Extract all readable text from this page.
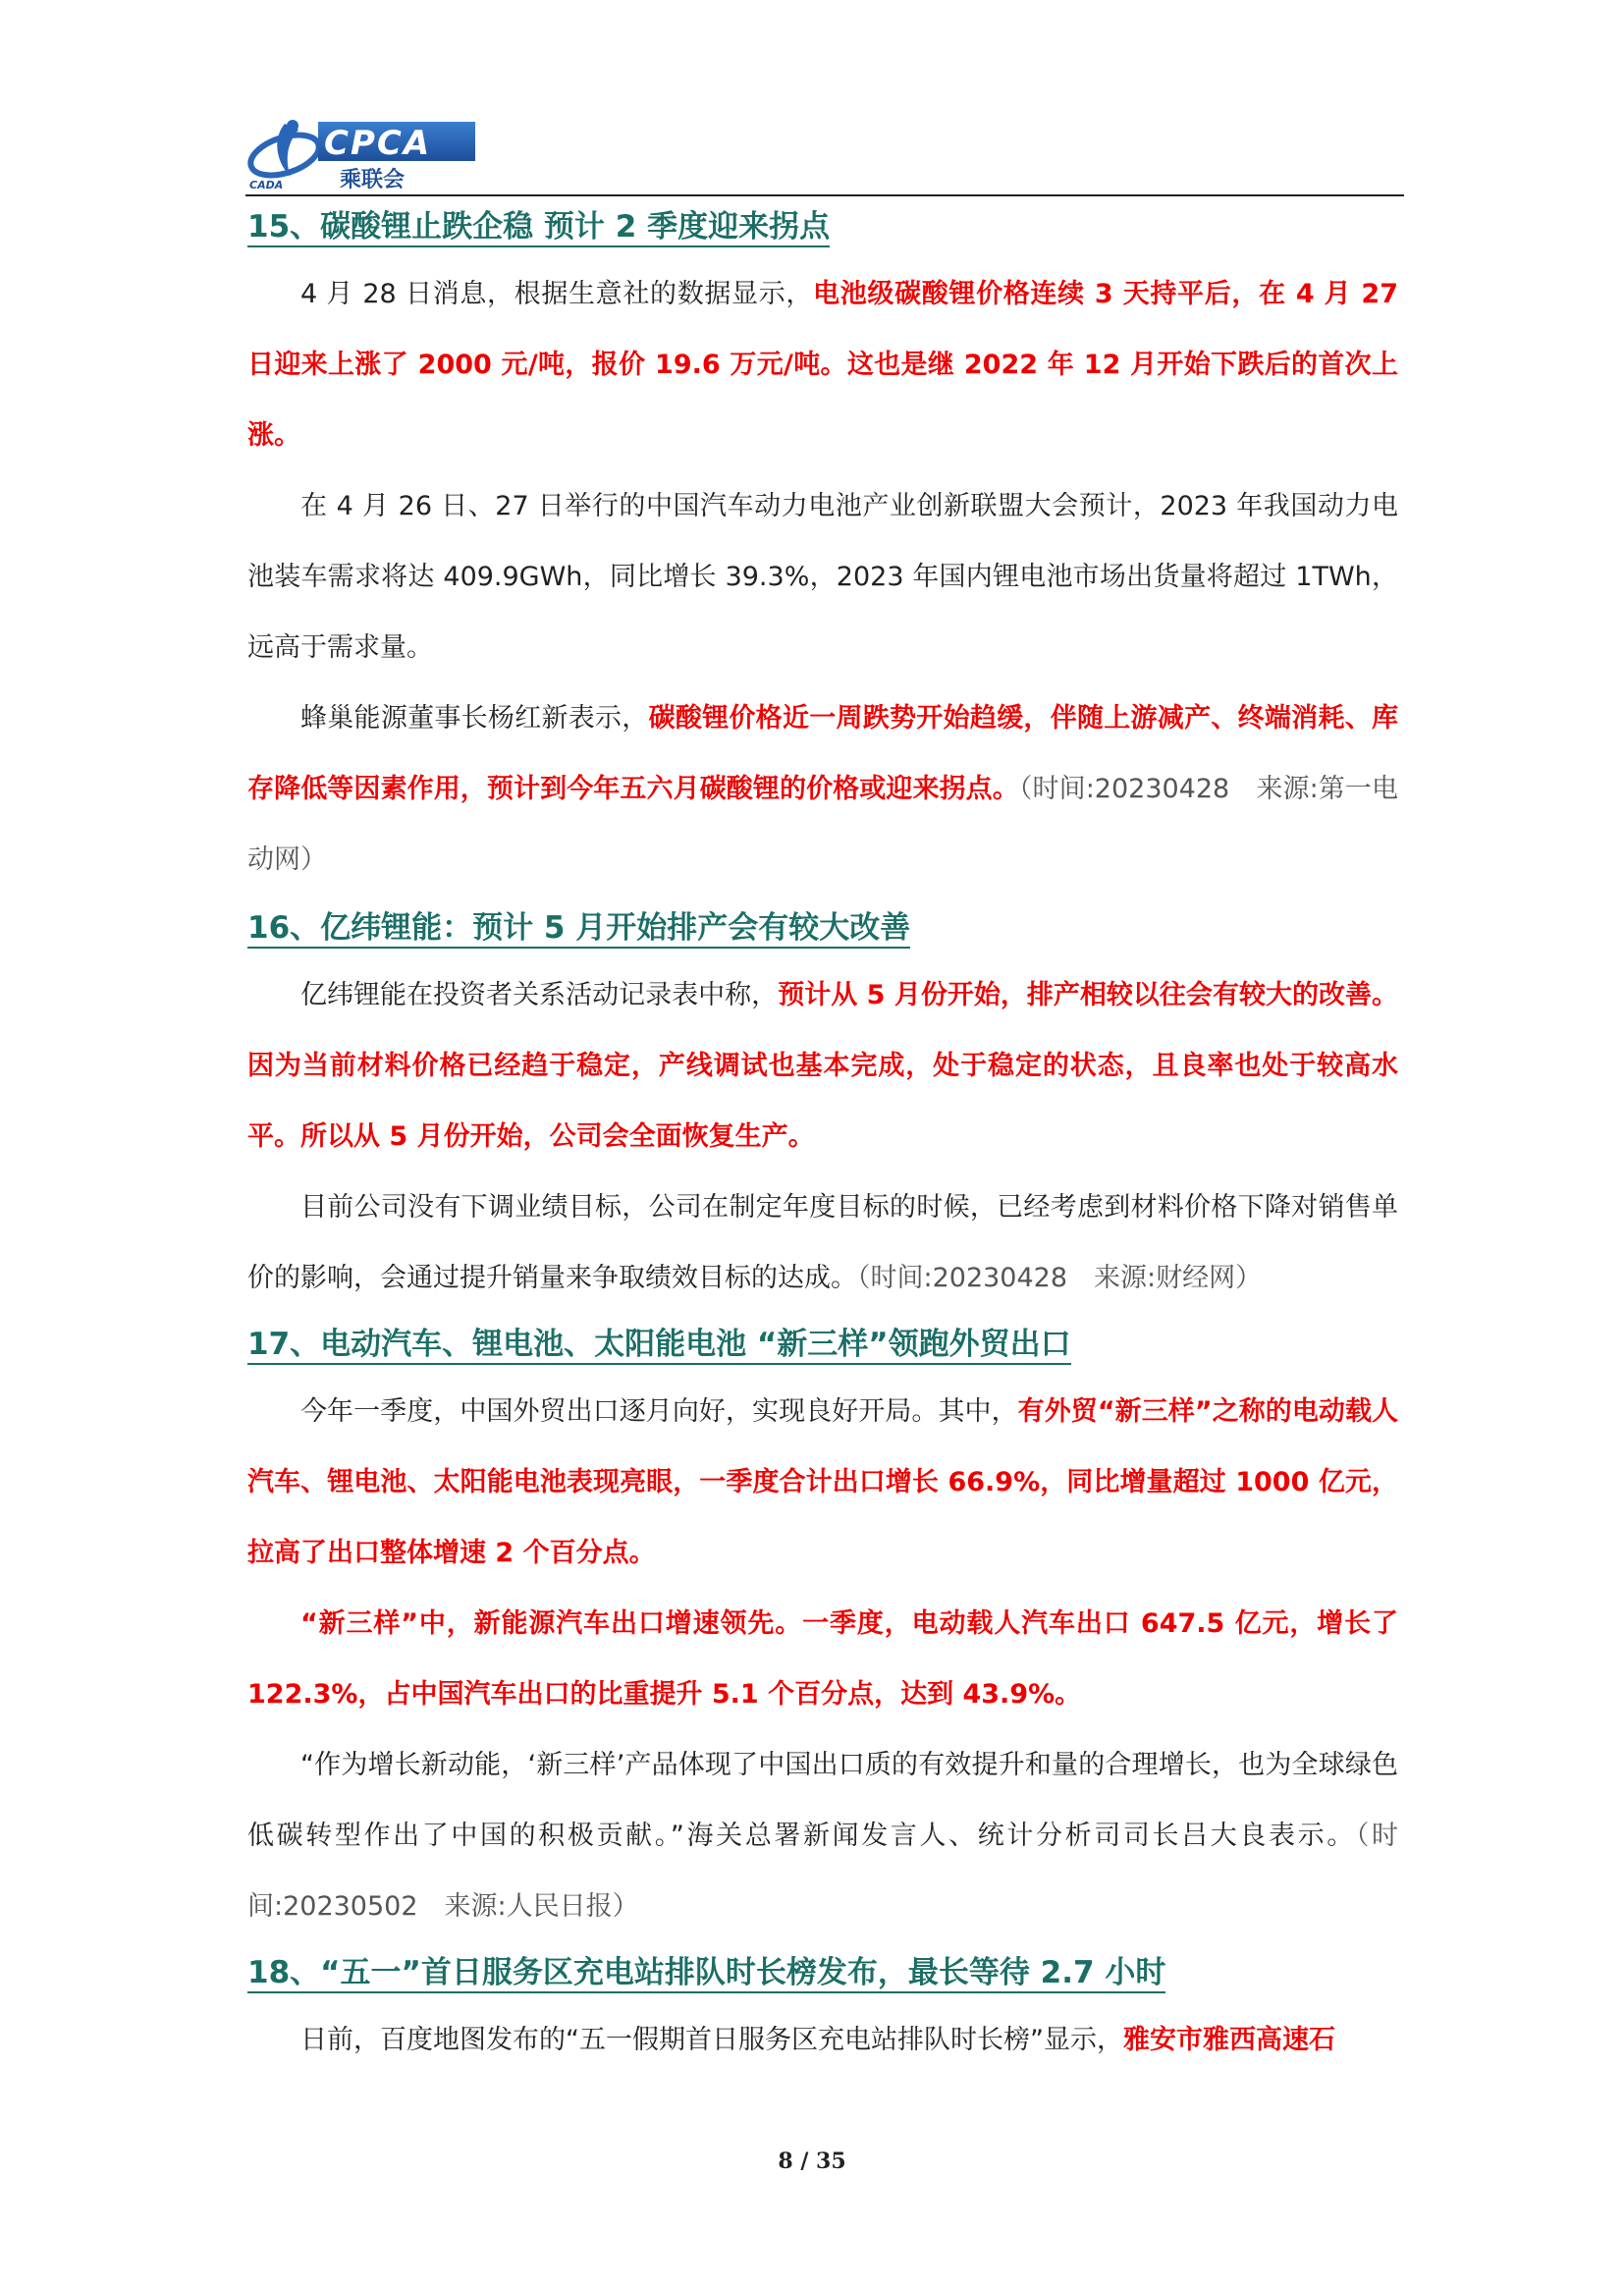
CPCA
CADA	乘联会
15、碳酸锂止跌企稳 预计 2 季度迎来拐点

4 月 28 日消息，根据生意社的数据显示，电池级碳酸锂价格连续 3 天持平后，在 4 月 27 日迎来上涨了 2000 元/吨，报价 19.6 万元/吨。这也是继 2022 年 12 月开始下跌后的首次上涨。

在 4 月 26 日、27 日举行的中国汽车动力电池产业创新联盟大会预计，2023 年我国动力电池装车需求将达 409.9GWh，同比增长 39.3%，2023 年国内锂电池市场出货量将超过 1TWh，远高于需求量。

蜂巢能源董事长杨红新表示，碳酸锂价格近一周跌势开始趋缓，伴随上游减产、终端消耗、库存降低等因素作用，预计到今年五六月碳酸锂的价格或迎来拐点。（时间:20230428　来源:第一电动网）

16、亿纬锂能：预计 5 月开始排产会有较大改善

亿纬锂能在投资者关系活动记录表中称，预计从 5 月份开始，排产相较以往会有较大的改善。因为当前材料价格已经趋于稳定，产线调试也基本完成，处于稳定的状态，且良率也处于较高水平。所以从 5 月份开始，公司会全面恢复生产。

目前公司没有下调业绩目标，公司在制定年度目标的时候，已经考虑到材料价格下降对销售单价的影响，会通过提升销量来争取绩效目标的达成。（时间:20230428　来源:财经网）

17、电动汽车、锂电池、太阳能电池 “新三样”领跑外贸出口

今年一季度，中国外贸出口逐月向好，实现良好开局。其中，有外贸“新三样”之称的电动载人汽车、锂电池、太阳能电池表现亮眼，一季度合计出口增长 66.9%，同比增量超过 1000 亿元，拉高了出口整体增速 2 个百分点。

“新三样”中，新能源汽车出口增速领先。一季度，电动载人汽车出口 647.5 亿元，增长了 122.3%，占中国汽车出口的比重提升 5.1 个百分点，达到 43.9%。

“作为增长新动能，‘新三样’产品体现了中国出口质的有效提升和量的合理增长，也为全球绿色低碳转型作出了中国的积极贡献。”海关总署新闻发言人、统计分析司司长吕大良表示。（时间:20230502　来源:人民日报）

18、“五一”首日服务区充电站排队时长榜发布，最长等待 2.7 小时

日前，百度地图发布的“五一假期首日服务区充电站排队时长榜”显示，雅安市雅西高速石

8 / 35
